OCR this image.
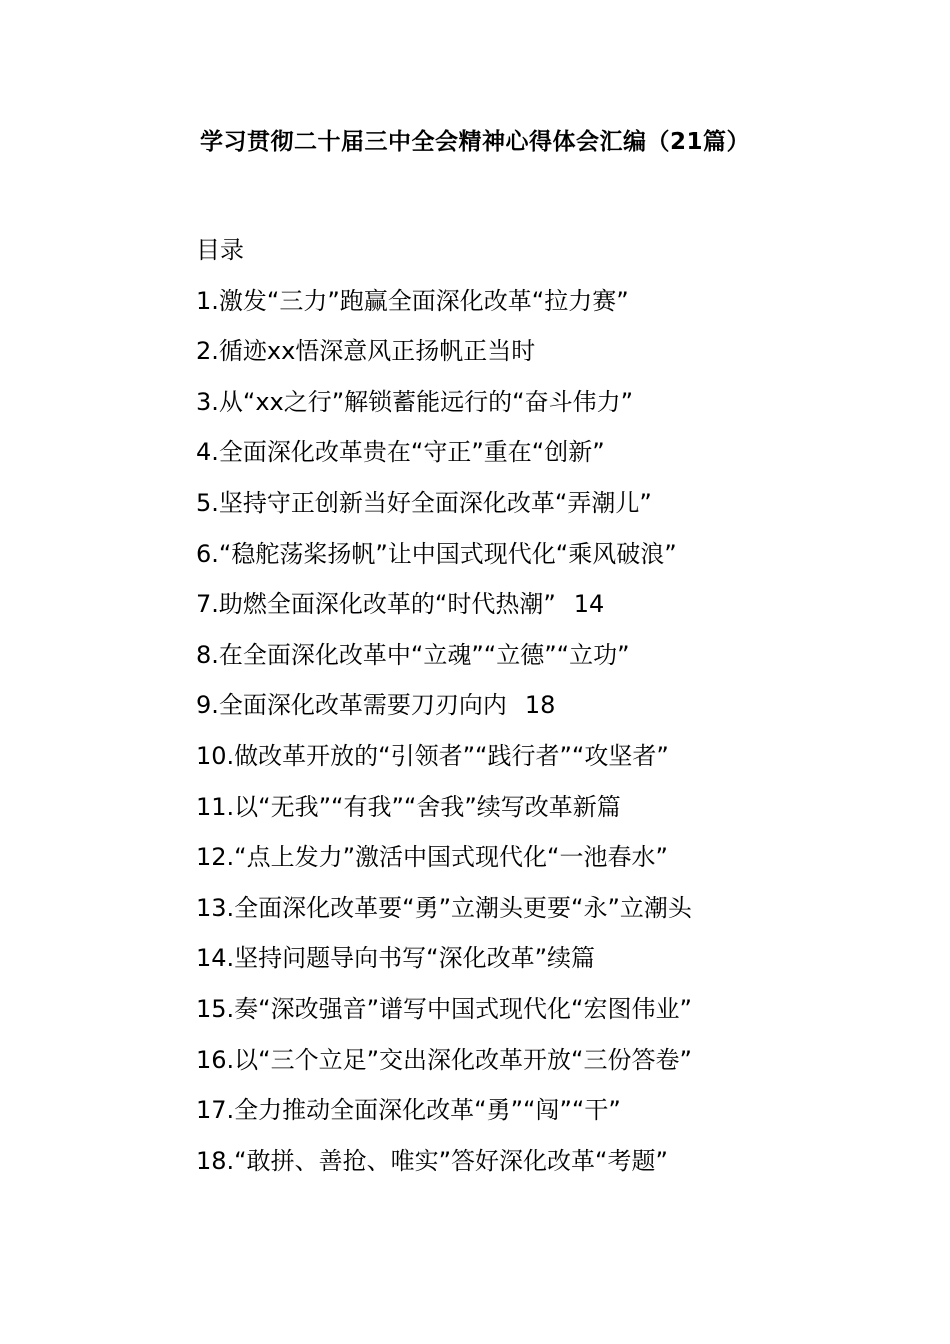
学习贯彻二十届三中全会精神心得体会汇编（21篇）
目录
1.激发“三力”跑赢全面深化改革“拉力赛”
2.循迹xx悟深意风正扬帆正当时
3.从“xx之行”解锁蓄能远行的“奋斗伟力”
4.全面深化改革贵在“守正”重在“创新”
5.坚持守正创新当好全面深化改革“弄潮儿”
6.“稳舵荡桨扬帆”让中国式现代化“乘风破浪”
7.助燃全面深化改革的“时代热潮” 14
8.在全面深化改革中“立魂”“立德”“立功”
9.全面深化改革需要刀刃向内 18
10.做改革开放的“引领者”“践行者”“攻坚者”
11.以“无我”“有我”“舍我”续写改革新篇
12.“点上发力”激活中国式现代化“一池春水”
13.全面深化改革要“勇”立潮头更要“永”立潮头
14.坚持问题导向书写“深化改革”续篇
15.奏“深改强音”谱写中国式现代化“宏图伟业”
16.以“三个立足”交出深化改革开放“三份答卷”
17.全力推动全面深化改革“勇”“闯”“干”
18.“敢拼、善抢、唯实”答好深化改革“考题”
